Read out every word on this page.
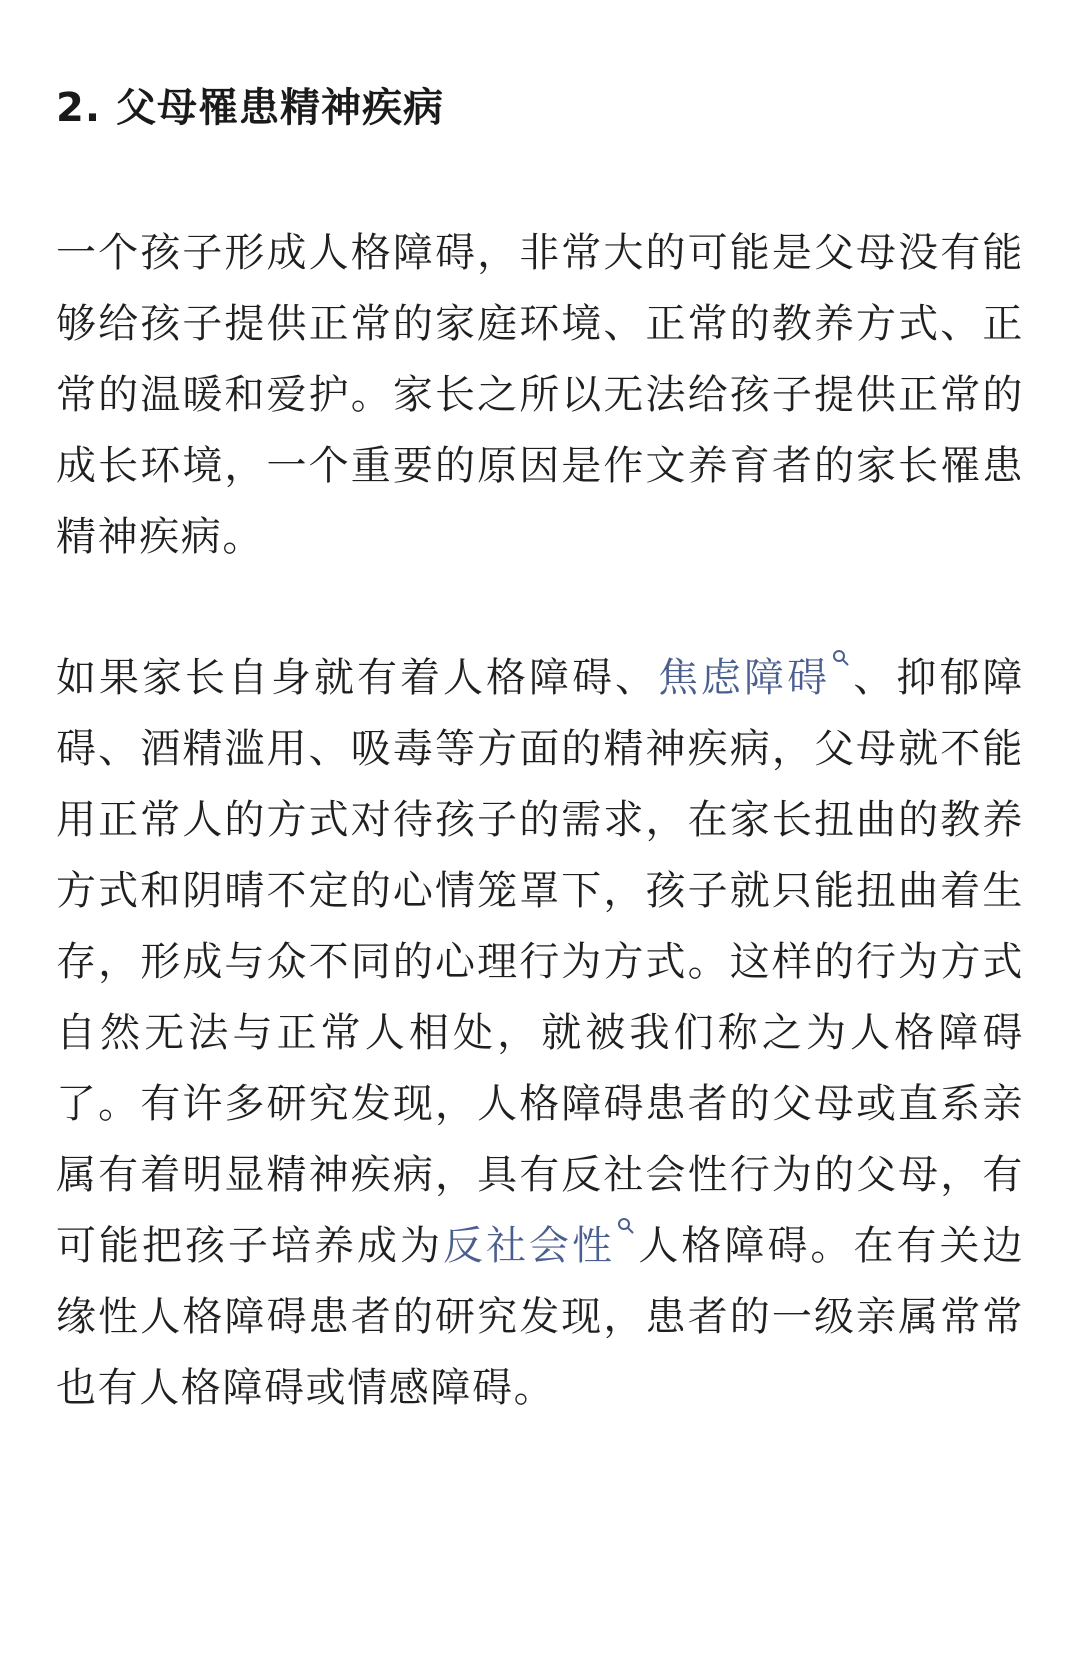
2. 父母罹患精神疾病

一个孩子形成人格障碍，非常大的可能是父母没有能够给孩子提供正常的家庭环境、正常的教养方式、正常的温暖和爱护。家长之所以无法给孩子提供正常的成长环境，一个重要的原因是作文养育者的家长罹患精神疾病。

如果家长自身就有着人格障碍、焦虑障碍 、抑郁障碍、酒精滥用、吸毒等方面的精神疾病，父母就不能用正常人的方式对待孩子的需求，在家长扭曲的教养方式和阴晴不定的心情笼罩下，孩子就只能扭曲着生存，形成与众不同的心理行为方式。这样的行为方式自然无法与正常人相处，就被我们称之为人格障碍了。有许多研究发现，人格障碍患者的父母或直系亲属有着明显精神疾病，具有反社会性行为的父母，有可能把孩子培养成为反社会性 人格障碍。在有关边缘性人格障碍患者的研究发现，患者的一级亲属常常也有人格障碍或情感障碍。
